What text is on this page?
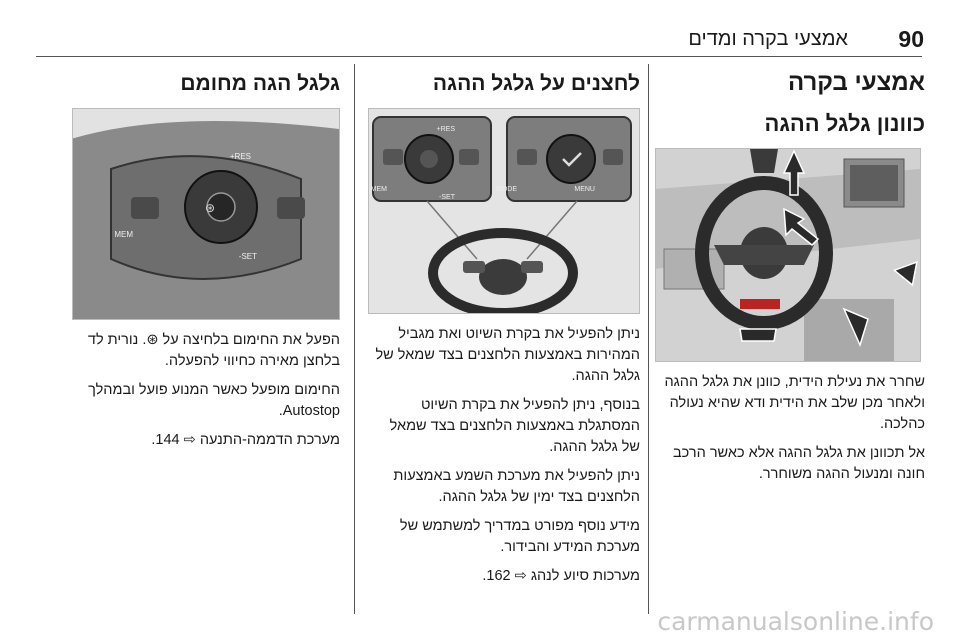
90
אמצעי בקרה ומדים
אמצעי בקרה
כוונון גלגל ההגה

שחרר את נעילת הידית, כוונן את גלגל ההגה ולאחר מכן שלב את הידית ודא שהיא נעולה כהלכה.

אל תכוונן את גלגל ההגה אלא כאשר הרכב חונה ומנעול ההגה משוחרר.

לחצנים על גלגל ההגה
MEM	MODE	MENU
RES+
SET-

ניתן להפעיל את בקרת השיוט ואת מגביל המהירות באמצעות הלחצנים בצד שמאל של גלגל ההגה.

בנוסף, ניתן להפעיל את בקרת השיוט המסתגלת באמצעות הלחצנים בצד שמאל של גלגל ההגה.

ניתן להפעיל את מערכת השמע באמצעות הלחצנים בצד ימין של גלגל ההגה.

מידע נוסף מפורט במדריך למשתמש של מערכת המידע והבידור.

מערכות סיוע לנהג ⇨ 162.

גלגל הגה מחומם
⊛
MEM
RES+
SET-

הפעל את החימום בלחיצה על ⊛. נורית לד בלחצן מאירה כחיווי להפעלה.

החימום מופעל כאשר המנוע פועל ובמהלך Autostop.

מערכת הדממה-התנעה ⇨ 144.

carmanualsonline.info
